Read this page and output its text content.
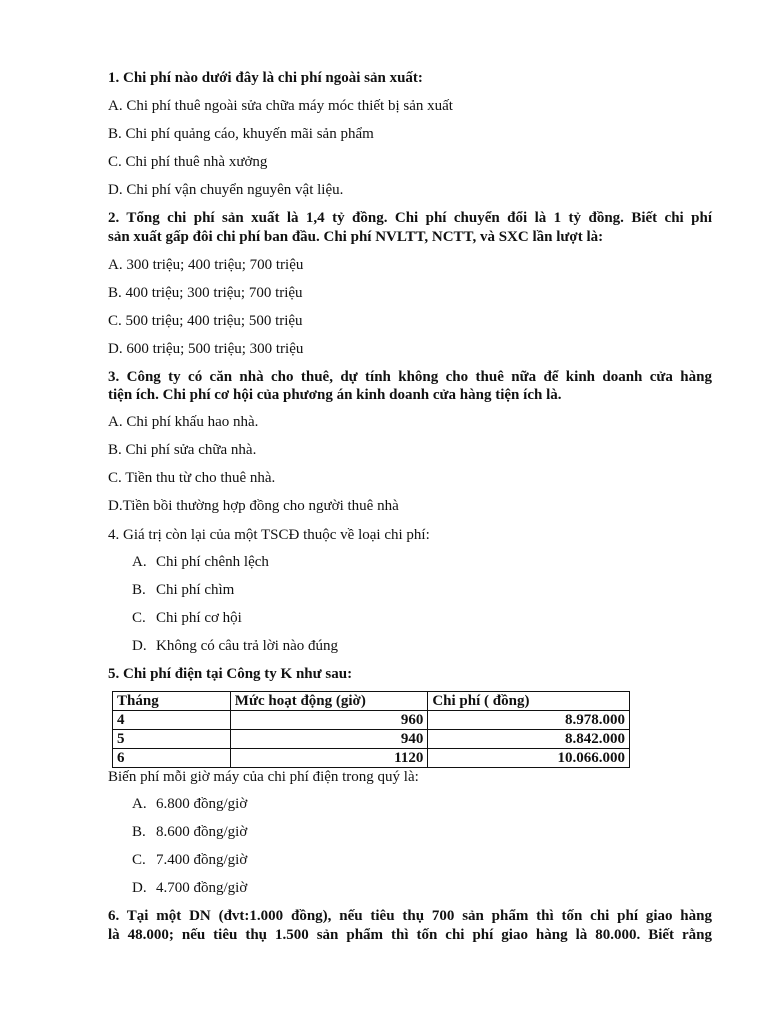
1. Chi phí nào dưới đây là chi phí ngoài sản xuất:
A. Chi phí thuê ngoài sửa chữa máy móc thiết bị sản xuất
B. Chi phí quảng cáo, khuyến mãi sản phẩm
C. Chi phí thuê nhà xưởng
D. Chi phí vận chuyển nguyên vật liệu.
2. Tổng chi phí sản xuất là 1,4 tỷ đồng. Chi phí chuyển đổi là 1 tỷ đồng. Biết chi phí
sản xuất gấp đôi chi phí ban đầu. Chi phí NVLTT, NCTT, và SXC lần lượt là:
A. 300 triệu; 400 triệu; 700 triệu
B. 400 triệu; 300 triệu; 700 triệu
C. 500 triệu; 400 triệu; 500 triệu
D. 600 triệu; 500 triệu; 300 triệu
3. Công ty có căn nhà cho thuê, dự tính không cho thuê nữa để kinh doanh cửa hàng
tiện ích. Chi phí cơ hội của phương án kinh doanh cửa hàng tiện ích là.
A. Chi phí khấu hao nhà.
B. Chi phí sửa chữa nhà.
C. Tiền thu từ cho thuê nhà.
D.Tiền bồi thường hợp đồng cho người thuê nhà
4. Giá trị còn lại của một TSCĐ thuộc về loại chi phí:
A. Chi phí chênh lệch
B. Chi phí chìm
C. Chi phí cơ hội
D. Không có câu trả lời nào đúng
5. Chi phí điện tại Công ty K như sau:
Tháng	Mức hoạt động (giờ)	Chi phí ( đồng)
4	960	8.978.000
5	940	8.842.000
6	1120	10.066.000
Biến phí mỗi giờ máy của chi phí điện trong quý là:
A. 6.800 đồng/giờ
B. 8.600 đồng/giờ
C. 7.400 đồng/giờ
D. 4.700 đồng/giờ
6. Tại một DN (đvt:1.000 đồng), nếu tiêu thụ 700 sản phẩm thì tốn chi phí giao hàng
là 48.000; nếu tiêu thụ 1.500 sản phẩm thì tốn chi phí giao hàng là 80.000. Biết rằng
